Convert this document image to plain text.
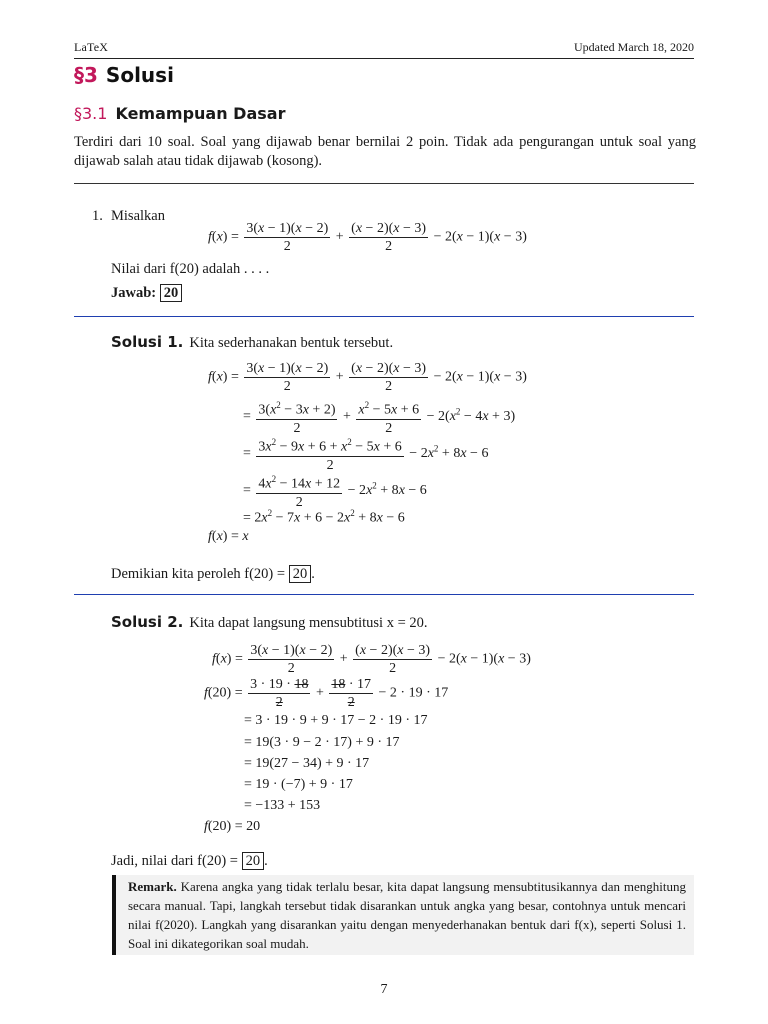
LaTeX	Updated March 18, 2020
§3 Solusi
§3.1 Kemampuan Dasar
Terdiri dari 10 soal. Soal yang dijawab benar bernilai 2 poin. Tidak ada pengurangan untuk soal yang dijawab salah atau tidak dijawab (kosong).
1. Misalkan
$f(x) = \frac{3(x - 1)(x - 2)}{2} + \frac{(x - 2)(x - 3)}{2} - 2(x - 1)(x - 3)$
Nilai dari f(20) adalah . . . .
Jawab: 20
Solusi 1. Kita sederhanakan bentuk tersebut.
$f(x) = \frac{3(x - 1)(x - 2)}{2} + \frac{(x - 2)(x - 3)}{2} - 2(x - 1)(x - 3)$
= $\frac{3(x^2 - 3x + 2)}{2} + \frac{x^2 - 5x + 6}{2} - 2(x^2 - 4x + 3)$
= $\frac{3x^2 - 9x + 6 + x^2 - 5x + 6}{2} - 2x^2 + 8x - 6$
= $\frac{4x^2 - 14x + 12}{2} - 2x^2 + 8x - 6$
= $2x^2 - 7x + 6 - 2x^2 + 8x - 6$
f(x) = x
Demikian kita peroleh f(20) = 20 .
Solusi 2. Kita dapat langsung mensubtitusi x = 20.
$f(x) = \frac{3(x - 1)(x - 2)}{2} + \frac{(x - 2)(x - 3)}{2} - 2(x - 1)(x - 3)$
$f(20) = \frac{3 \cdot 19 \cdot 18}{2} + \frac{18 \cdot 17}{2} - 2 \cdot 19 \cdot 17$
= 3 · 19 · 9 + 9 · 17 − 2 · 19 · 17
= 19(3 · 9 − 2 · 17) + 9 · 17
= 19(27 − 34) + 9 · 17
= 19 · (−7) + 9 · 17
= −133 + 153
f(20) = 20
Jadi, nilai dari f(20) = 20 .
Remark. Karena angka yang tidak terlalu besar, kita dapat langsung mensubtitusikannya dan menghitung secara manual. Tapi, langkah tersebut tidak disarankan untuk angka yang besar, contohnya untuk mencari nilai f(2020). Langkah yang disarankan yaitu dengan menyederhanakan bentuk dari f(x), seperti Solusi 1. Soal ini dikategorikan soal mudah.
7
